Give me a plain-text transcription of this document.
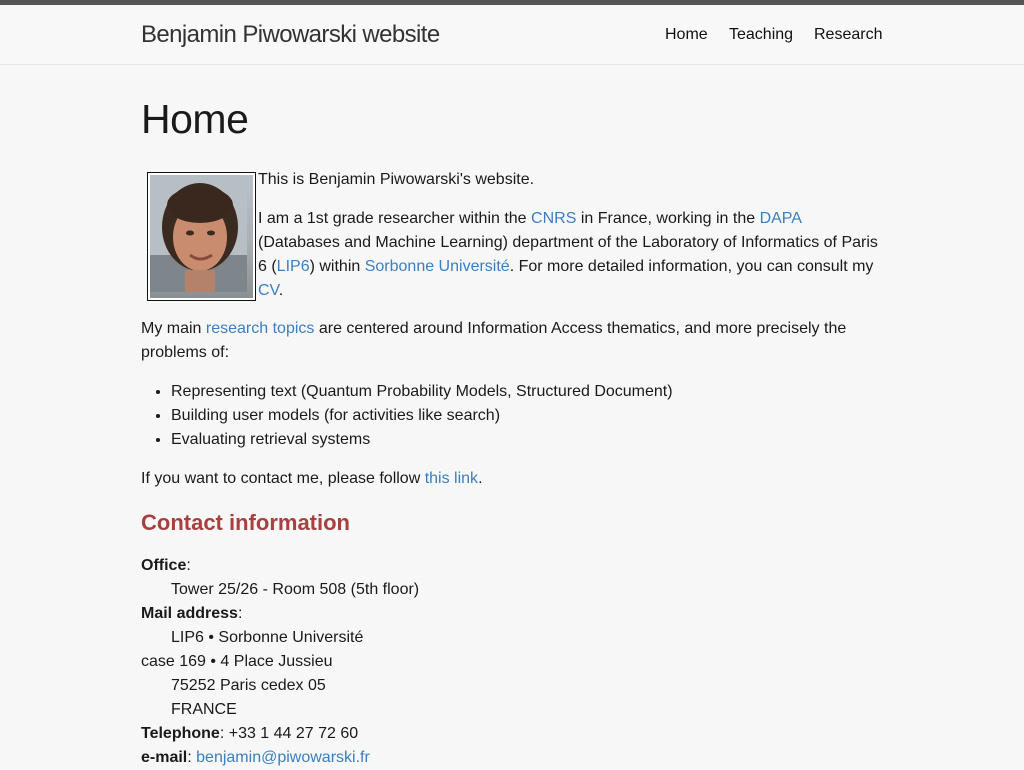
Benjamin Piwowarski website	Home Teaching Research
Home

This is Benjamin Piwowarski's website.

I am a 1st grade researcher within the CNRS in France, working in the DAPA (Databases and Machine Learning) department of the Laboratory of Informatics of Paris 6 (LIP6) within Sorbonne Université. For more detailed information, you can consult my CV.

My main research topics are centered around Information Access thematics, and more precisely the problems of:

• Representing text (Quantum Probability Models, Structured Document)
• Building user models (for activities like search)
• Evaluating retrieval systems

If you want to contact me, please follow this link.

Contact information
Office:
Tower 25/26 - Room 508 (5th floor)
Mail address:
LIP6 • Sorbonne Université
case 169 • 4 Place Jussieu
75252 Paris cedex 05
FRANCE
Telephone: +33 1 44 27 72 60
e-mail: benjamin@piwowarski.fr
